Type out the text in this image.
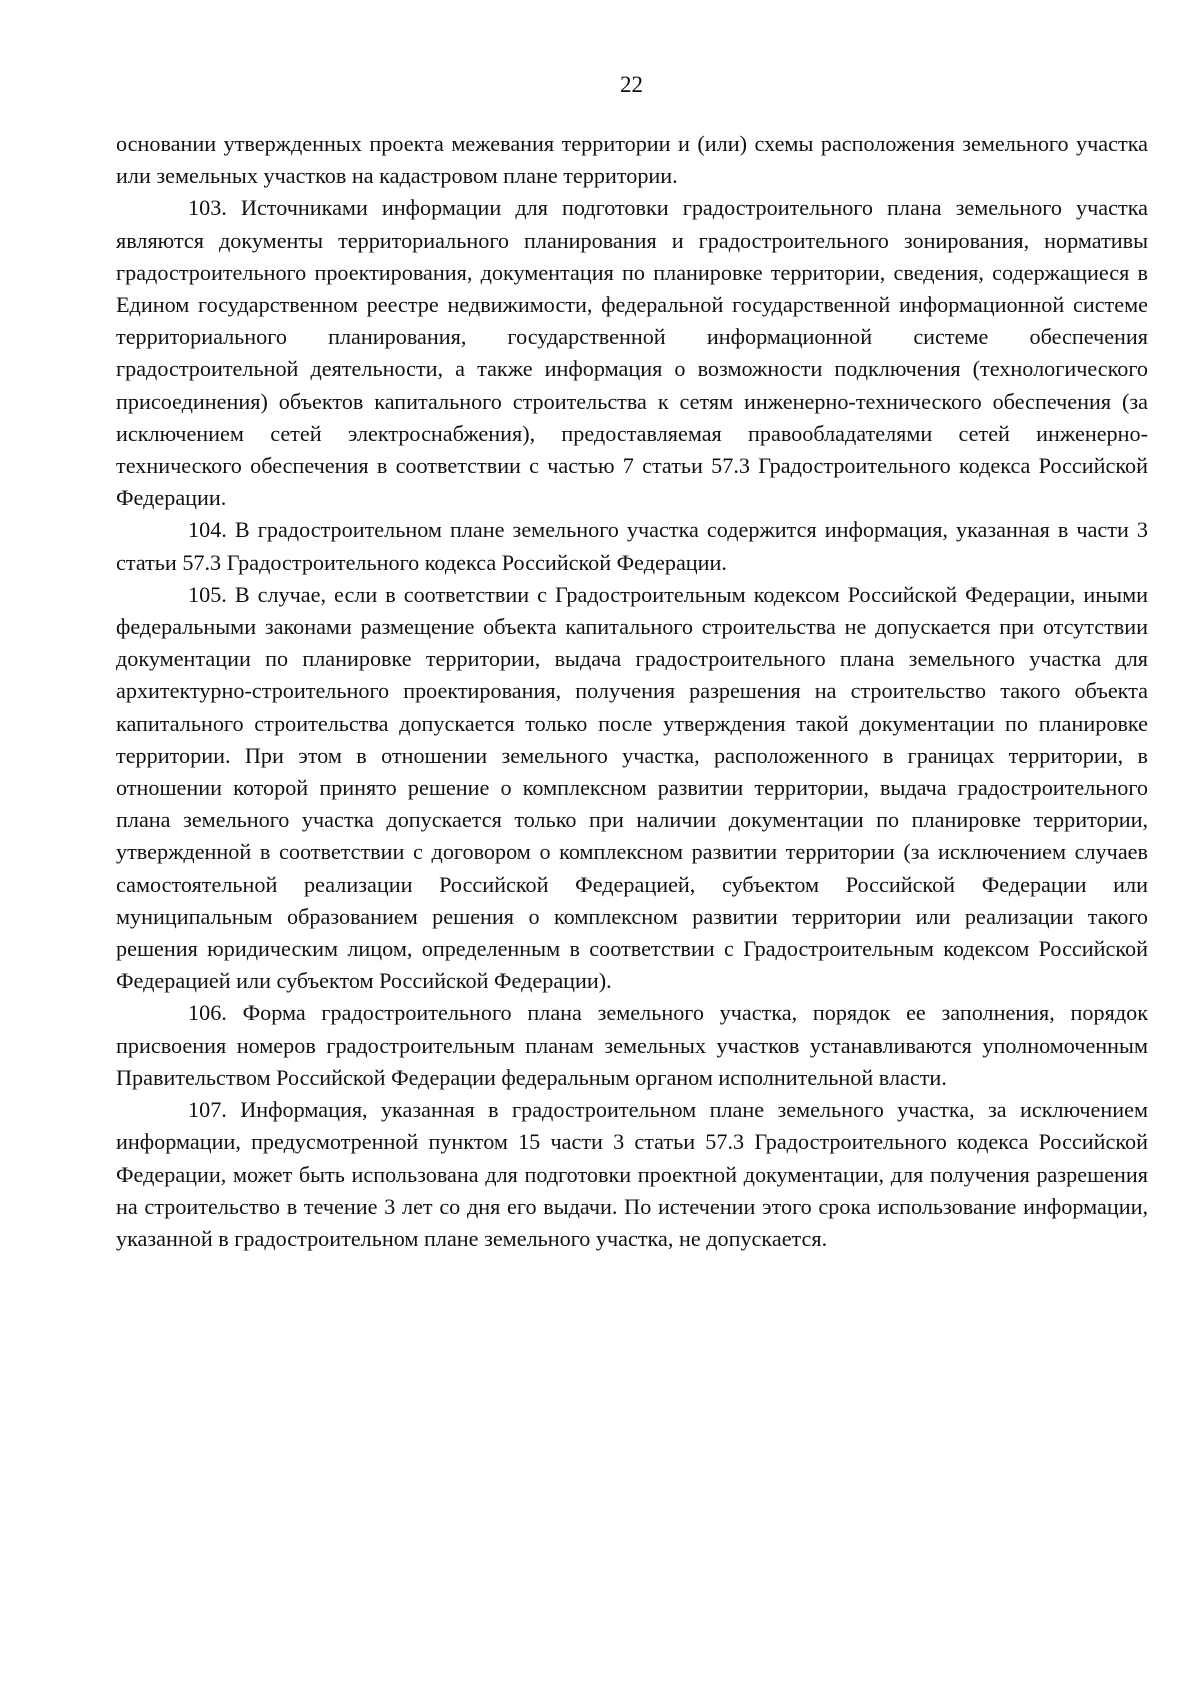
22

основании утвержденных проекта межевания территории и (или) схемы расположения земельного участка или земельных участков на кадастровом плане территории.

103. Источниками информации для подготовки градостроительного плана земельного участка являются документы территориального планирования и градостроительного зонирования, нормативы градостроительного проектирования, документация по планировке территории, сведения, содержащиеся в Едином государственном реестре недвижимости, федеральной государственной информационной системе территориального планирования, государственной информационной системе обеспечения градостроительной деятельности, а также информация о возможности подключения (технологического присоединения) объектов капитального строительства к сетям инженерно-технического обеспечения (за исключением сетей электроснабжения), предоставляемая правообладателями сетей инженерно-технического обеспечения в соответствии с частью 7 статьи 57.3 Градостроительного кодекса Российской Федерации.

104. В градостроительном плане земельного участка содержится информация, указанная в части 3 статьи 57.3 Градостроительного кодекса Российской Федерации.

105. В случае, если в соответствии с Градостроительным кодексом Российской Федерации, иными федеральными законами размещение объекта капитального строительства не допускается при отсутствии документации по планировке территории, выдача градостроительного плана земельного участка для архитектурно-строительного проектирования, получения разрешения на строительство такого объекта капитального строительства допускается только после утверждения такой документации по планировке территории. При этом в отношении земельного участка, расположенного в границах территории, в отношении которой принято решение о комплексном развитии территории, выдача градостроительного плана земельного участка допускается только при наличии документации по планировке территории, утвержденной в соответствии с договором о комплексном развитии территории (за исключением случаев самостоятельной реализации Российской Федерацией, субъектом Российской Федерации или муниципальным образованием решения о комплексном развитии территории или реализации такого решения юридическим лицом, определенным в соответствии с Градостроительным кодексом Российской Федерацией или субъектом Российской Федерации).

106. Форма градостроительного плана земельного участка, порядок ее заполнения, порядок присвоения номеров градостроительным планам земельных участков устанавливаются уполномоченным Правительством Российской Федерации федеральным органом исполнительной власти.

107. Информация, указанная в градостроительном плане земельного участка, за исключением информации, предусмотренной пунктом 15 части 3 статьи 57.3 Градостроительного кодекса Российской Федерации, может быть использована для подготовки проектной документации, для получения разрешения на строительство в течение 3 лет со дня его выдачи. По истечении этого срока использование информации, указанной в градостроительном плане земельного участка, не допускается.
